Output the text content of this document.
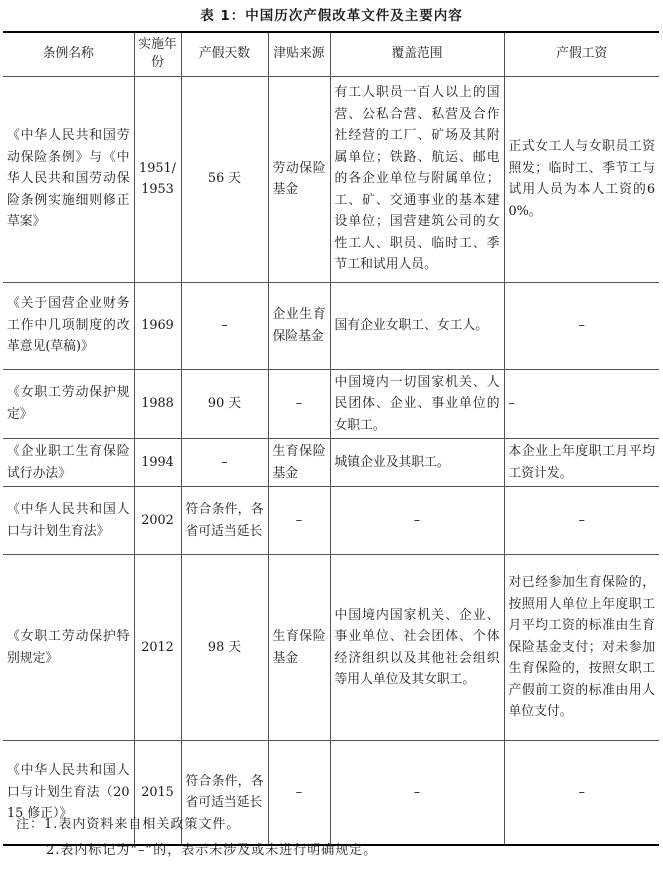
表 1：中国历次产假改革文件及主要内容
条例名称	实施年份	产假天数	津贴来源	覆盖范围	产假工资
《中华人民共和国劳动保险条例》与《中华人民共和国劳动保险条例实施细则修正草案》	1951/1953	56 天	劳动保险基金	有工人职员一百人以上的国营、公私合营、私营及合作社经营的工厂、矿场及其附属单位；铁路、航运、邮电的各企业单位与附属单位；工、矿、交通事业的基本建设单位；国营建筑公司的女性工人、职员、临时工、季节工和试用人员。	正式女工人与女职员工资照发；临时工、季节工与试用人员为本人工资的60%。
《关于国营企业财务工作中几项制度的改革意见(草稿)》	1969	–	企业生育保险基金	国有企业女职工、女工人。	–
《女职工劳动保护规定》	1988	90 天	–	中国境内一切国家机关、人民团体、企业、事业单位的女职工。	–
《企业职工生育保险试行办法》	1994	–	生育保险基金	城镇企业及其职工。	本企业上年度职工月平均工资计发。
《中华人民共和国人口与计划生育法》	2002	符合条件，各省可适当延长	–	–	–
《女职工劳动保护特别规定》	2012	98 天	生育保险基金	中国境内国家机关、企业、事业单位、社会团体、个体经济组织以及其他社会组织等用人单位及其女职工。	对已经参加生育保险的，按照用人单位上年度职工月平均工资的标准由生育保险基金支付；对未参加生育保险的，按照女职工产假前工资的标准由用人单位支付。
《中华人民共和国人口与计划生育法（2015 修正）》	2015	符合条件，各省可适当延长	–	–	–
注：1.表内资料来自相关政策文件。
2.表内标记为“–”的，表示未涉及或未进行明确规定。
